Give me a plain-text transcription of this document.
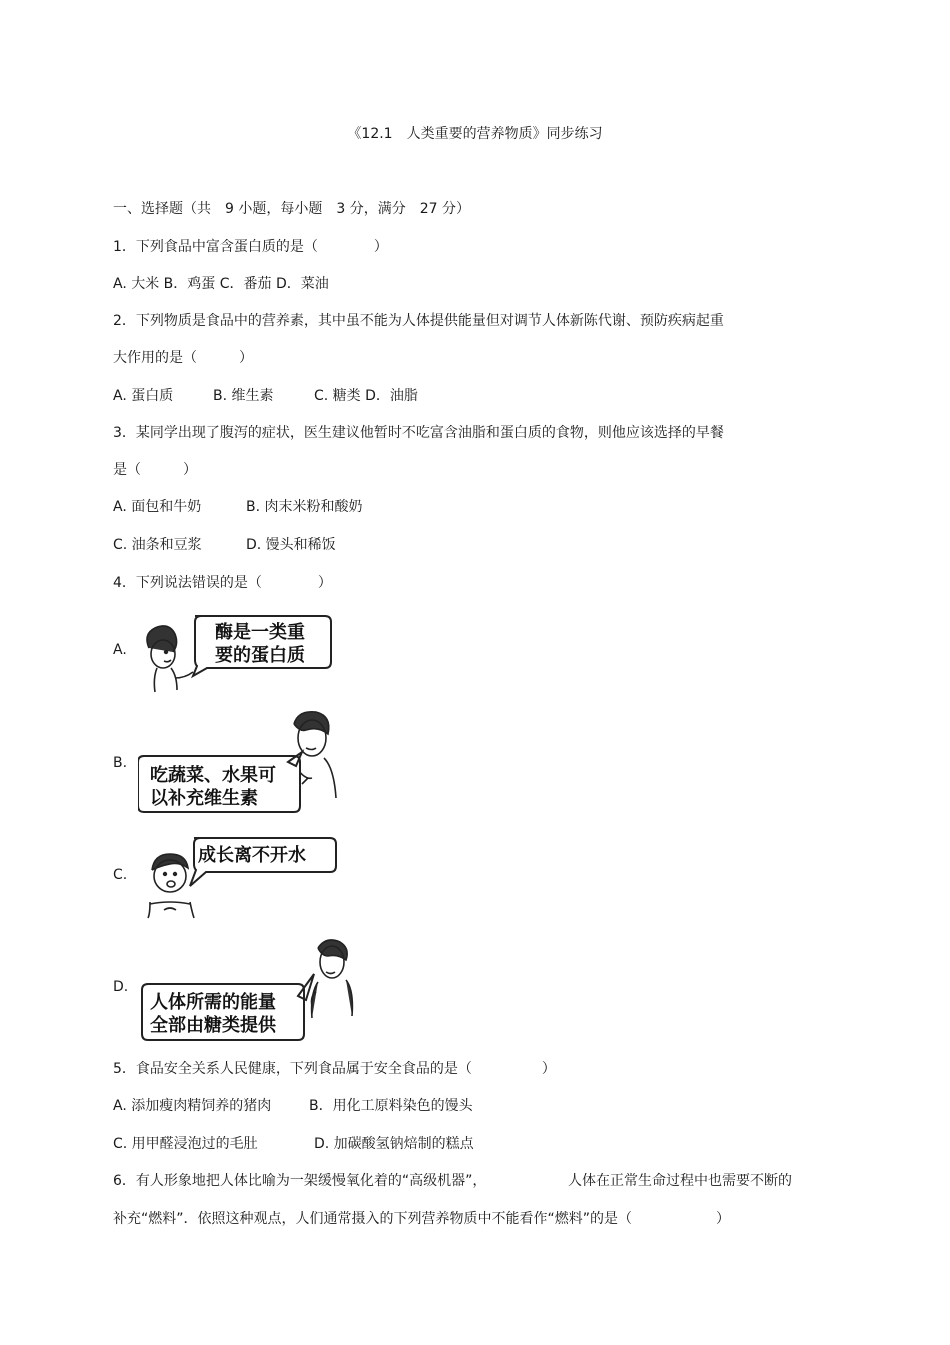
《12.1　人类重要的营养物质》同步练习
一、选择题（共　9 小题，每小题　3 分，满分　27 分）
1．下列食品中富含蛋白质的是（　　　　）
A. 大米 B．鸡蛋 C．番茄 D．菜油
2．下列物质是食品中的营养素，其中虽不能为人体提供能量但对调节人体新陈代谢、预防疾病起重
大作用的是（　　　）
A. 蛋白质	B. 维生素	C. 糖类 D．油脂
3．某同学出现了腹泻的症状，医生建议他暂时不吃富含油脂和蛋白质的食物，则他应该选择的早餐
是（　　　）
A. 面包和牛奶	B. 肉末米粉和酸奶
C. 油条和豆浆	D. 馒头和稀饭
4．下列说法错误的是（　　　　）
A.
酶是一类重
要的蛋白质
B.
吃蔬菜、水果可
以补充维生素
C.
成长离不开水
D.
人体所需的能量
全部由糖类提供
5．食品安全关系人民健康，下列食品属于安全食品的是（　　　　　）
A. 添加瘦肉精饲养的猪肉	B．用化工原料染色的馒头
C. 用甲醛浸泡过的毛肚	D. 加碳酸氢钠焙制的糕点
6．有人形象地把人体比喻为一架缓慢氧化着的“高级机器”，	人体在正常生命过程中也需要不断的
补充“燃料”．依照这种观点，人们通常摄入的下列营养物质中不能看作“燃料”的是（　　　　　　）
